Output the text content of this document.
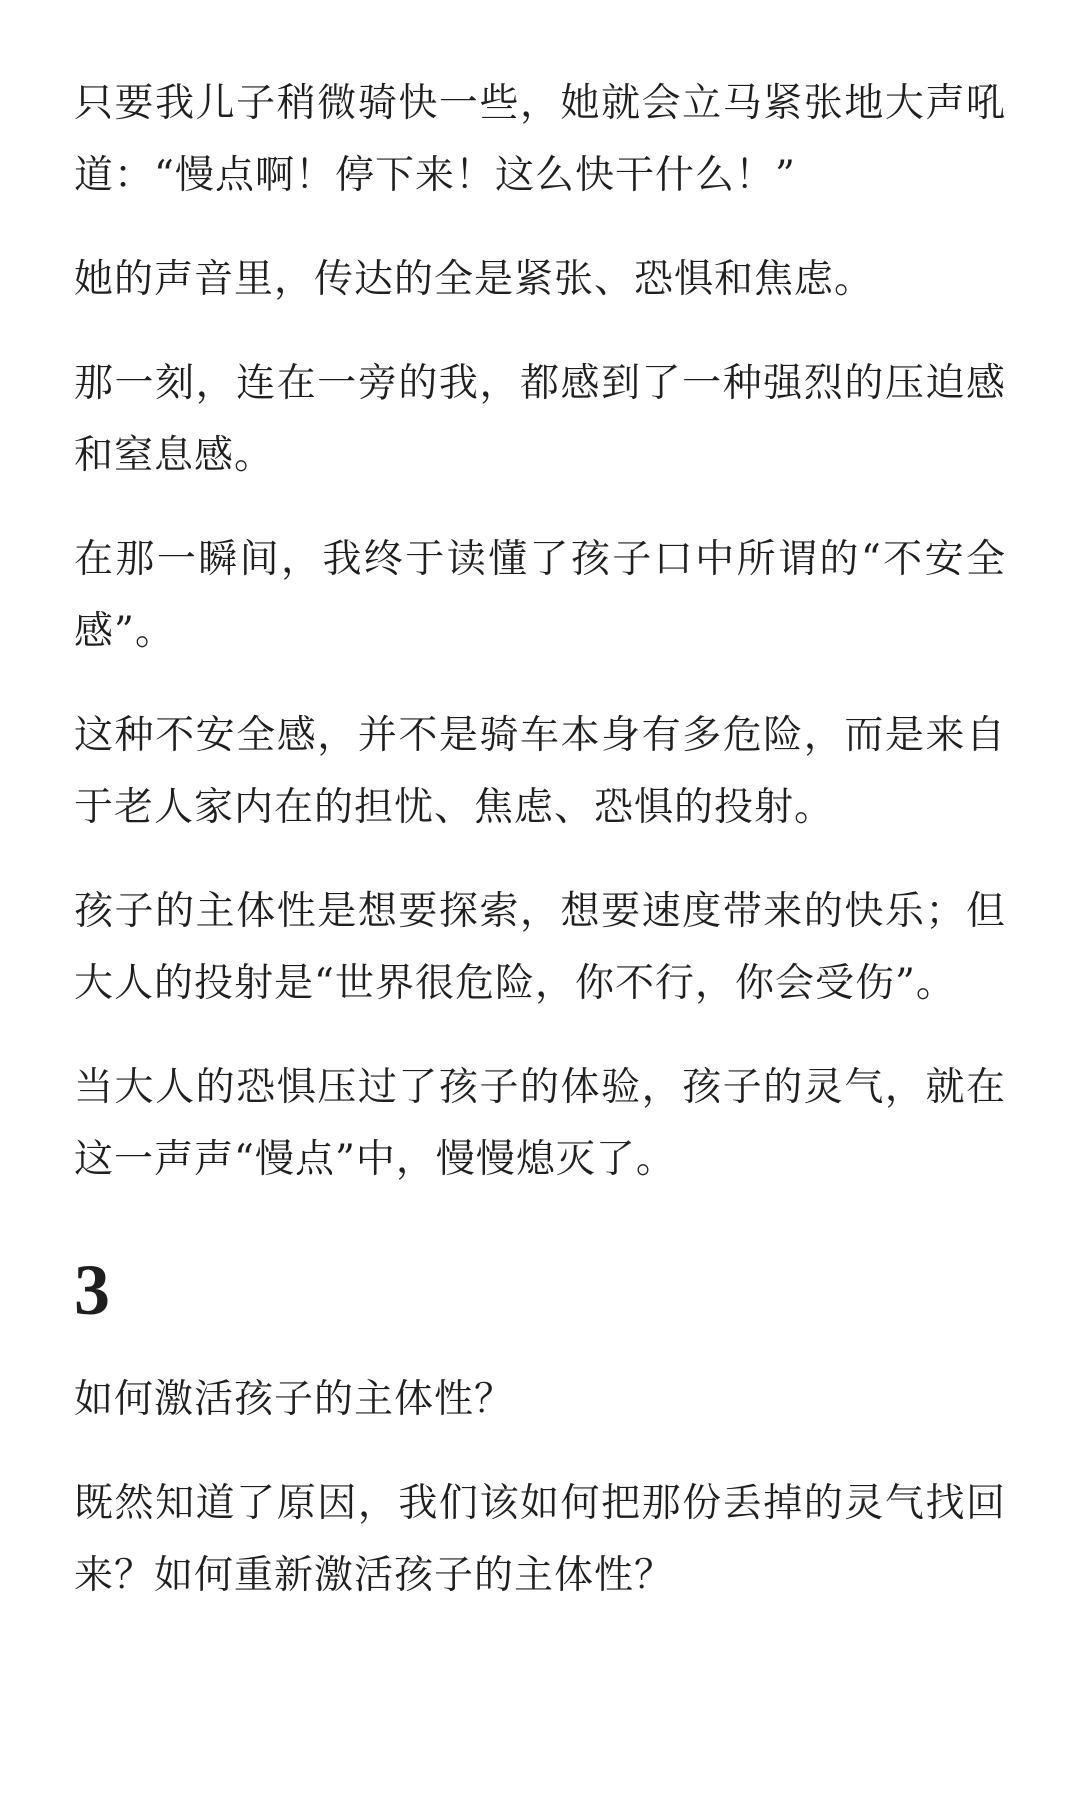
只要我儿子稍微骑快一些，她就会立马紧张地大声吼道：“慢点啊！停下来！这么快干什么！”

她的声音里，传达的全是紧张、恐惧和焦虑。

那一刻，连在一旁的我，都感到了一种强烈的压迫感和窒息感。

在那一瞬间，我终于读懂了孩子口中所谓的“不安全感”。

这种不安全感，并不是骑车本身有多危险，而是来自于老人家内在的担忧、焦虑、恐惧的投射。

孩子的主体性是想要探索，想要速度带来的快乐；但大人的投射是“世界很危险，你不行，你会受伤”。

当大人的恐惧压过了孩子的体验，孩子的灵气，就在这一声声“慢点”中，慢慢熄灭了。

3

如何激活孩子的主体性？

既然知道了原因，我们该如何把那份丢掉的灵气找回来？如何重新激活孩子的主体性？
